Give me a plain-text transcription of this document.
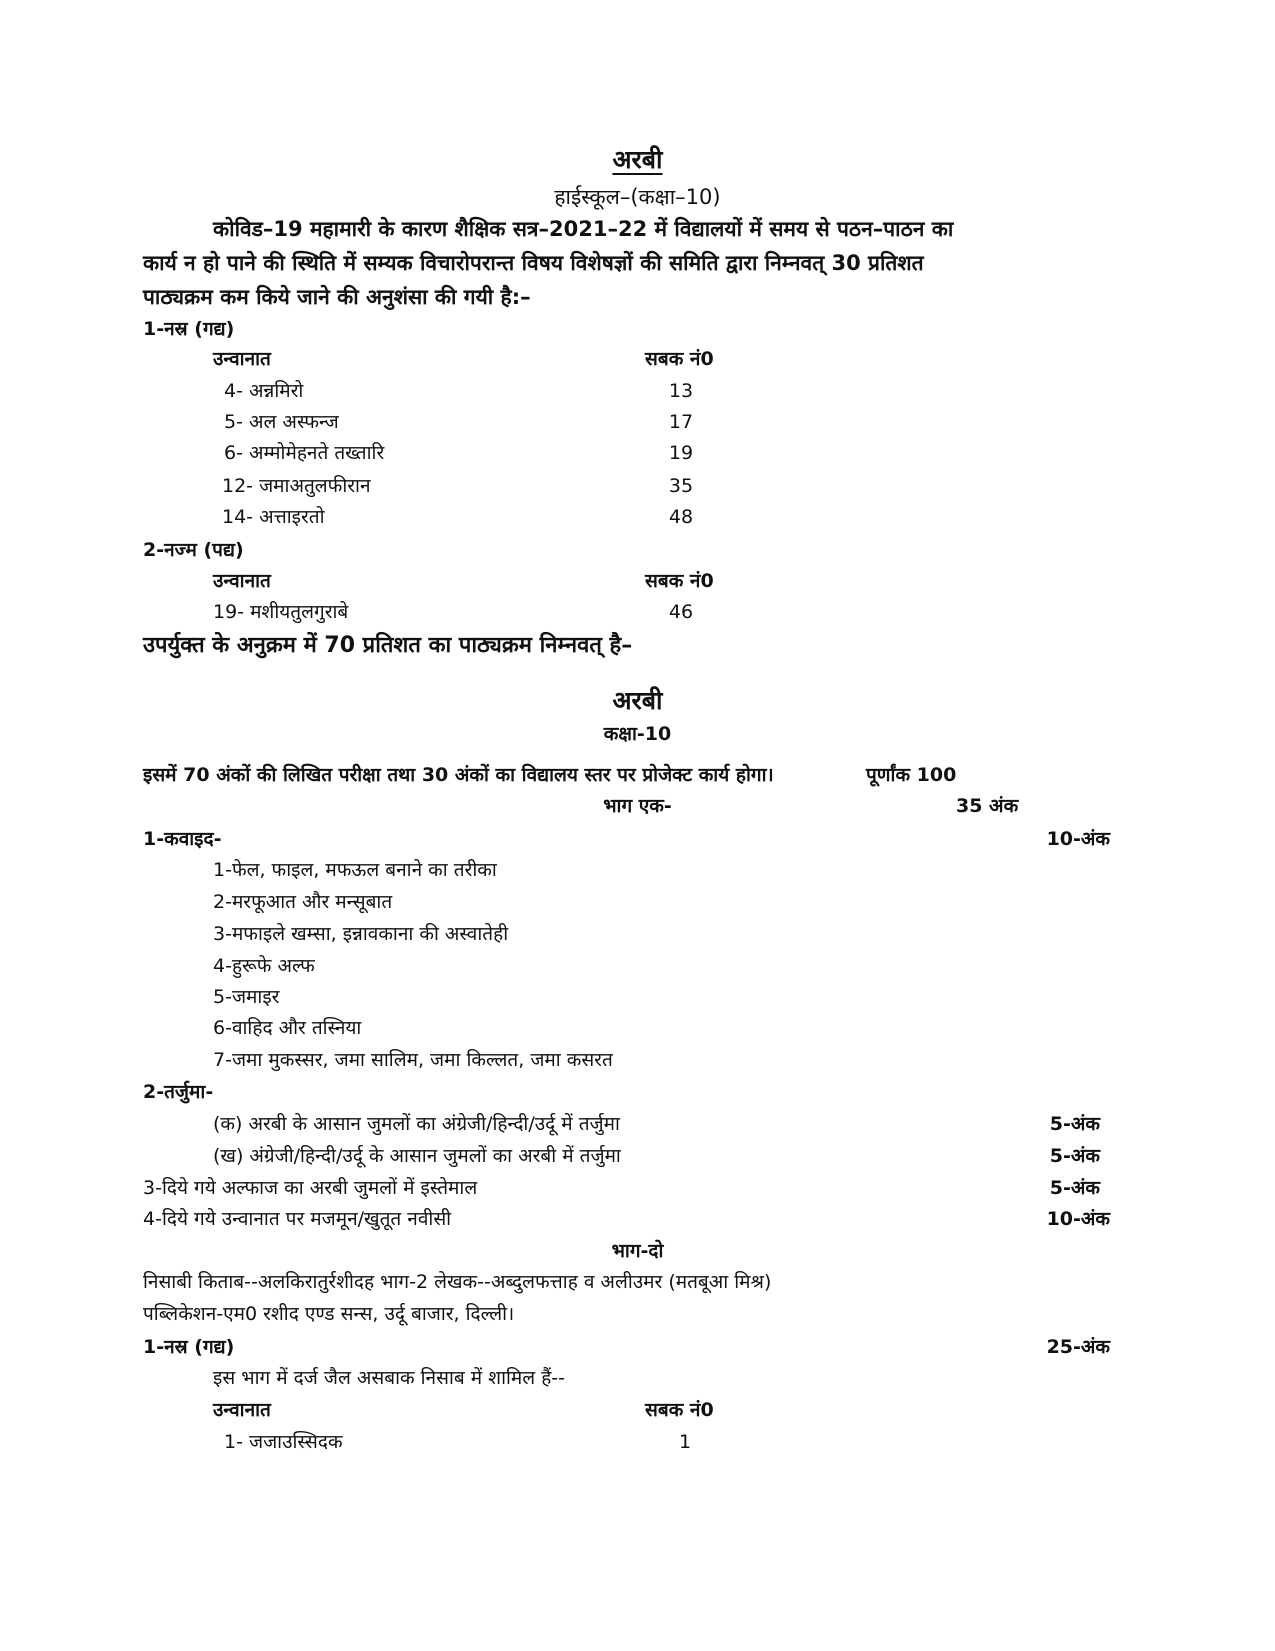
अरबी
हाईस्कूल–(कक्षा–10)
कोविड–19 महामारी के कारण शैक्षिक सत्र–2021–22 में विद्यालयों में समय से पठन–पाठन का
कार्य न हो पाने की स्थिति में सम्यक विचारोपरान्त विषय विशेषज्ञों की समिति द्वारा निम्नवत् 30 प्रतिशत
पाठ्यक्रम कम किये जाने की अनुशंसा की गयी है:–
1-नस्र (गद्य)
उन्वानात	सबक नं0
4- अन्नमिरो	13
5- अल अस्फन्ज	17
6- अम्मोमेहनते तख्तारि	19
12- जमाअतुलफीरान	35
14- अत्ताइरतो	48
2-नज्म (पद्य)
उन्वानात	सबक नं0
19- मशीयतुलगुराबे	46
उपर्युक्त के अनुक्रम में 70 प्रतिशत का पाठ्यक्रम निम्नवत् है–
अरबी
कक्षा-10
इसमें 70 अंकों की लिखित परीक्षा तथा 30 अंकों का विद्यालय स्तर पर प्रोजेक्ट कार्य होगा।	पूर्णांक 100
भाग एक-	35 अंक
1-कवाइद-	10-अंक
1-फेल, फाइल, मफऊल बनाने का तरीका
2-मरफूआत और मन्सूबात
3-मफाइले खम्सा, इन्नावकाना की अस्वातेही
4-हुरूफे अल्फ
5-जमाइर
6-वाहिद और तस्निया
7-जमा मुकस्सर, जमा सालिम, जमा किल्लत, जमा कसरत
2-तर्जुमा-
(क) अरबी के आसान जुमलों का अंग्रेजी/हिन्दी/उर्दू में तर्जुमा	5-अंक
(ख) अंग्रेजी/हिन्दी/उर्दू के आसान जुमलों का अरबी में तर्जुमा	5-अंक
3-दिये गये अल्फाज का अरबी जुमलों में इस्तेमाल	5-अंक
4-दिये गये उन्वानात पर मजमून/खुतूत नवीसी	10-अंक
भाग-दो
निसाबी किताब--अलकिरातुर्रशीदह भाग-2 लेखक--अब्दुलफत्ताह व अलीउमर (मतबूआ मिश्र)
पब्लिकेशन-एम0 रशीद एण्ड सन्स, उर्दू बाजार, दिल्ली।
1-नस्र (गद्य)	25-अंक
इस भाग में दर्ज जैल असबाक निसाब में शामिल हैं--
उन्वानात	सबक नं0
1- जजाउस्सिदक	1
